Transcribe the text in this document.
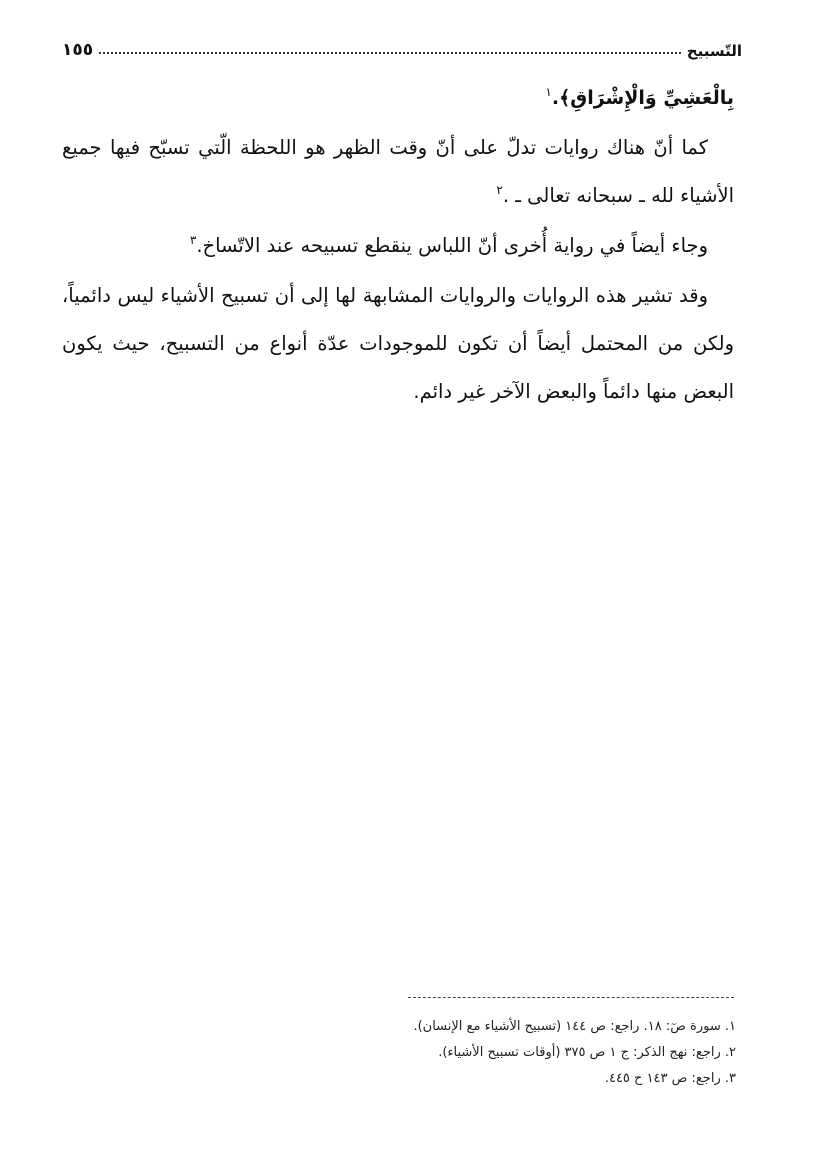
التّسبيح
١٥٥

بِالْعَشِيِّ وَالْإِشْرَاقِ﴾.$^١$

كما أنّ هناك روايات تدلّ على أنّ وقت الظهر هو اللحظة الّتي تسبّح فيها جميع الأشياء لله ـ سبحانه تعالى ـ .$^٢$

وجاء أيضاً في رواية أُخرى أنّ اللباس ينقطع تسبيحه عند الاتّساخ.$^٣$

وقد تشير هذه الروايات والروايات المشابهة لها إلى أن تسبيح الأشياء ليس دائمياً، ولكن من المحتمل أيضاً أن تكون للموجودات عدّة أنواع من التسبيح، حيث يكون البعض منها دائماً والبعض الآخر غير دائم.

١. سورة صٓ: ١٨. راجع: ص ١٤٤ (تسبيح الأشياء مع الإنسان).

٢. راجع: نهج الذكر: ج ١ ص ٣٧٥ (أوقات تسبيح الأشياء).

٣. راجع: ص ١٤٣ ح ٤٤٥.
